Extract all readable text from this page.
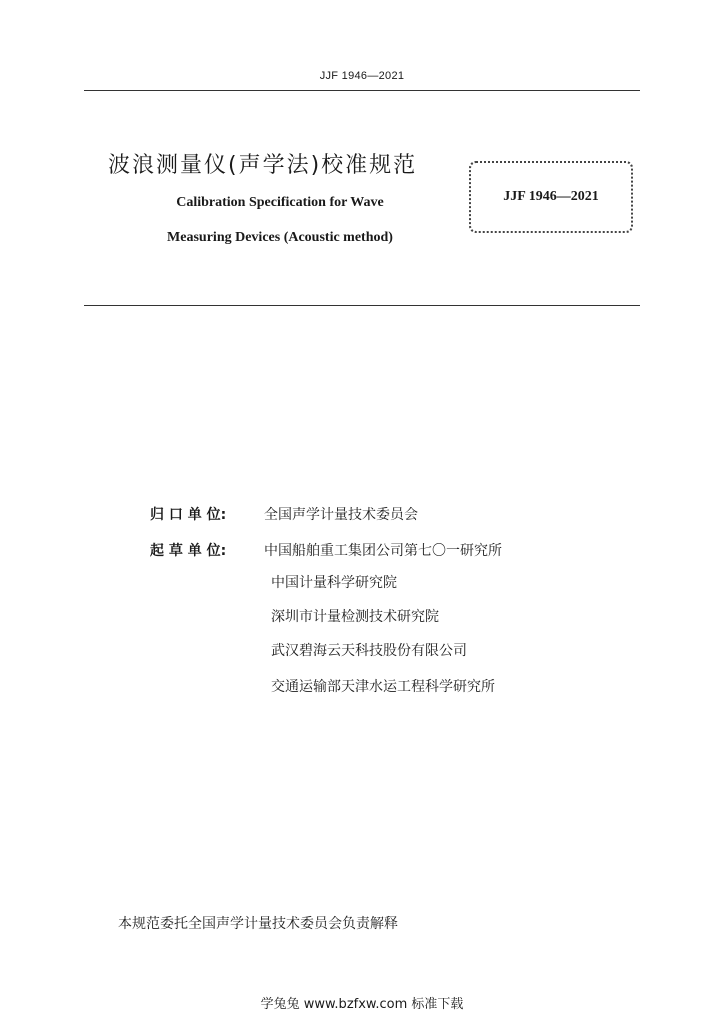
JJF 1946—2021
波浪测量仪(声学法)校准规范
Calibration Specification for Wave
Measuring Devices (Acoustic method)
JJF 1946—2021
归 口 单 位:	全国声学计量技术委员会
起 草 单 位:	中国船舶重工集团公司第七〇一研究所
中国计量科学研究院
深圳市计量检测技术研究院
武汉碧海云天科技股份有限公司
交通运输部天津水运工程科学研究所
本规范委托全国声学计量技术委员会负责解释
学兔兔 www.bzfxw.com 标准下载
